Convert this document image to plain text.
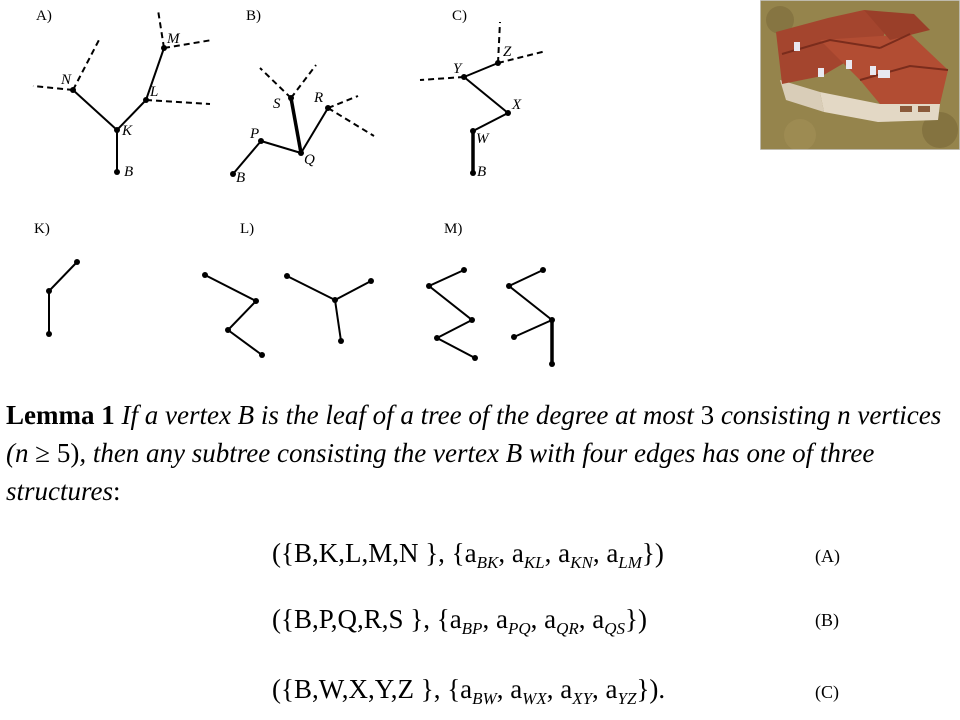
A)
M
N
L
K
B
B)
S R
P
Q
B
C)
Z
Y
X
W
B
K)	L)	M)
Lemma 1 If a vertex B is the leaf of a tree of the degree at most 3 consisting n vertices (n ≥ 5), then any subtree consisting the vertex B with four edges has one of three structures:
({B,K,L,M,N }, {$a_{BK}$, $a_{KL}$, $a_{KN}$, $a_{LM}$})	(A)
({B,P,Q,R,S }, {$a_{BP}$, $a_{PQ}$, $a_{QR}$, $a_{QS}$})	(B)
({B,W,X,Y,Z }, {$a_{BW}$, $a_{WX}$, $a_{XY}$, $a_{YZ}$}).	(C)
